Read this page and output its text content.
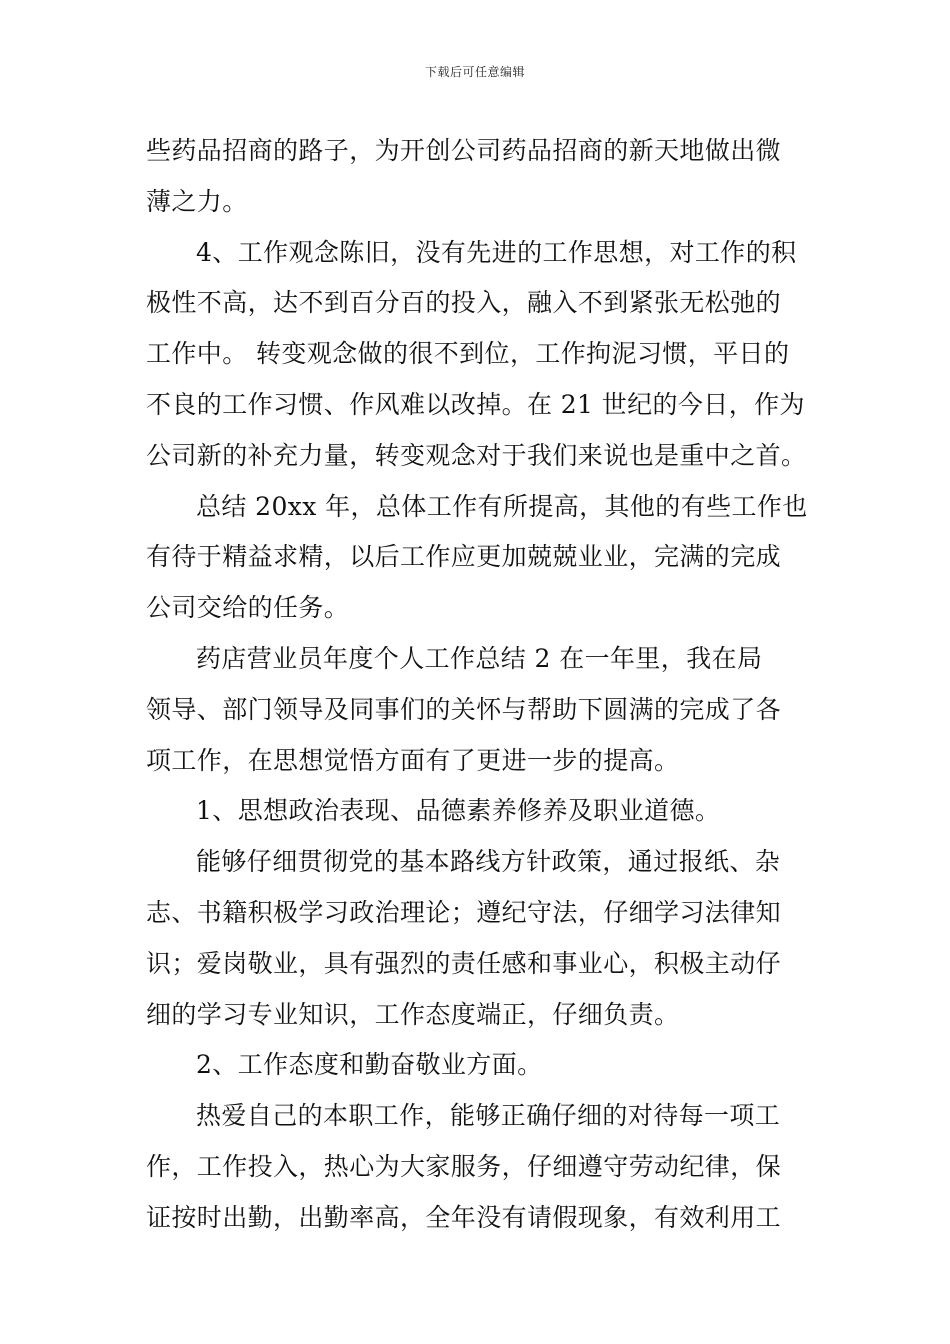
下载后可任意编辑
些药品招商的路子，为开创公司药品招商的新天地做出微
薄之力。
4、工作观念陈旧，没有先进的工作思想，对工作的积
极性不高，达不到百分百的投入，融入不到紧张无松弛的
工作中。 转变观念做的很不到位，工作拘泥习惯，平日的
不良的工作习惯、作风难以改掉。在 21 世纪的今日，作为
公司新的补充力量，转变观念对于我们来说也是重中之首。
总结 20xx 年，总体工作有所提高，其他的有些工作也
有待于精益求精，以后工作应更加兢兢业业，完满的完成
公司交给的任务。
药店营业员年度个人工作总结 2 在一年里，我在局
领导、部门领导及同事们的关怀与帮助下圆满的完成了各
项工作，在思想觉悟方面有了更进一步的提高。
1、思想政治表现、品德素养修养及职业道德。
能够仔细贯彻党的基本路线方针政策，通过报纸、杂
志、书籍积极学习政治理论；遵纪守法，仔细学习法律知
识；爱岗敬业，具有强烈的责任感和事业心，积极主动仔
细的学习专业知识，工作态度端正，仔细负责。
2、工作态度和勤奋敬业方面。
热爱自己的本职工作，能够正确仔细的对待每一项工
作，工作投入，热心为大家服务，仔细遵守劳动纪律，保
证按时出勤，出勤率高，全年没有请假现象，有效利用工
